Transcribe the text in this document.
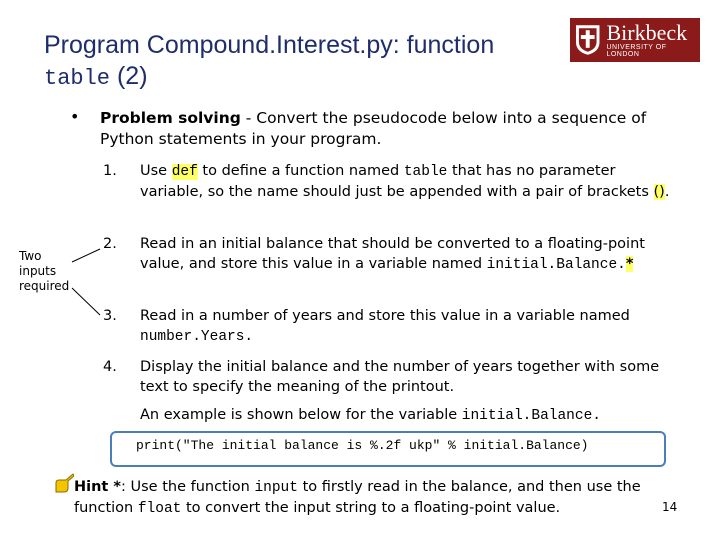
Program Compound.Interest.py: function
table (2)
Birkbeck
UNIVERSITY OF LONDON
• Problem solving - Convert the pseudocode below into a sequence of Python statements in your program.
1. Use def to define a function named table that has no parameter variable, so the name should just be appended with a pair of brackets ().
2. Read in an initial balance that should be converted to a floating-point value, and store this value in a variable named initial.Balance.*
3. Read in a number of years and store this value in a variable named number.Years.
4. Display the initial balance and the number of years together with some text to specify the meaning of the printout.
Two inputs required
An example is shown below for the variable initial.Balance.
print("The initial balance is %.2f ukp" % initial.Balance)
Hint *: Use the function input to firstly read in the balance, and then use the function float to convert the input string to a floating-point value.	14
